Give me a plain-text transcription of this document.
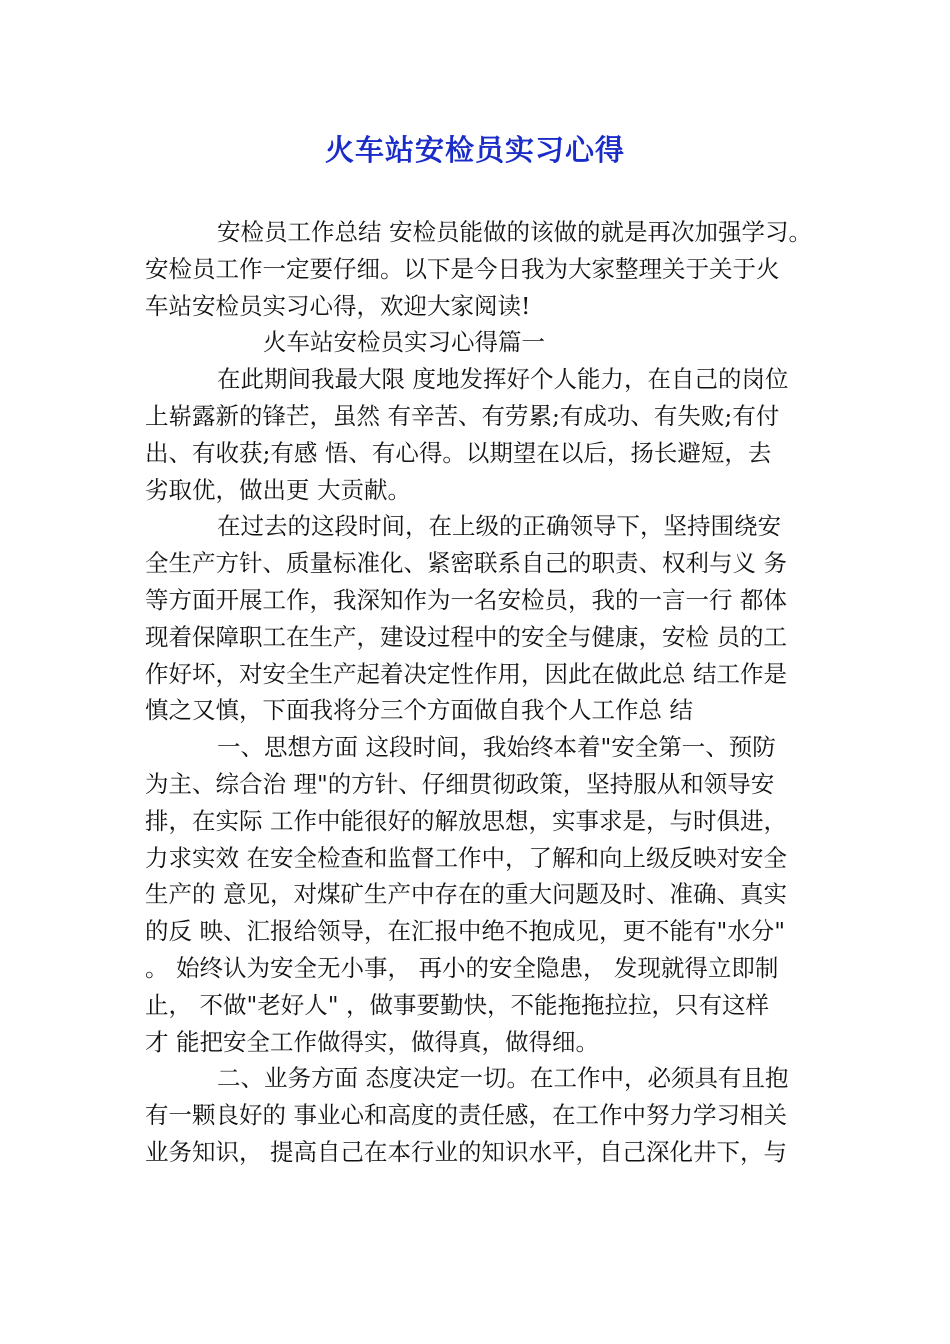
火车站安检员实习心得
安检员工作总结 安检员能做的该做的就是再次加强学习。
安检员工作一定要仔细。以下是今日我为大家整理关于关于火
车站安检员实习心得，欢迎大家阅读!
火车站安检员实习心得篇一
在此期间我最大限 度地发挥好个人能力，在自己的岗位
上崭露新的锋芒，虽然 有辛苦、有劳累;有成功、有失败;有付
出、有收获;有感 悟、有心得。以期望在以后，扬长避短，去
劣取优，做出更 大贡献。
在过去的这段时间，在上级的正确领导下，坚持围绕安
全生产方针、质量标准化、紧密联系自己的职责、权利与义 务
等方面开展工作，我深知作为一名安检员，我的一言一行 都体
现着保障职工在生产，建设过程中的安全与健康，安检 员的工
作好坏，对安全生产起着决定性作用，因此在做此总 结工作是
慎之又慎，下面我将分三个方面做自我个人工作总 结
一、思想方面 这段时间，我始终本着"安全第一、预防
为主、综合治 理"的方针、仔细贯彻政策，坚持服从和领导安
排，在实际 工作中能很好的解放思想，实事求是，与时俱进，
力求实效 在安全检查和监督工作中，了解和向上级反映对安全
生产的 意见，对煤矿生产中存在的重大问题及时、准确、真实
的反 映、汇报给领导，在汇报中绝不抱成见，更不能有"水分"
。 始终认为安全无小事， 再小的安全隐患， 发现就得立即制
止， 不做"老好人" ，做事要勤快，不能拖拖拉拉，只有这样
才 能把安全工作做得实，做得真，做得细。
二、业务方面 态度决定一切。在工作中，必须具有且抱
有一颗良好的 事业心和高度的责任感，在工作中努力学习相关
业务知识， 提高自己在本行业的知识水平，自己深化井下，与
